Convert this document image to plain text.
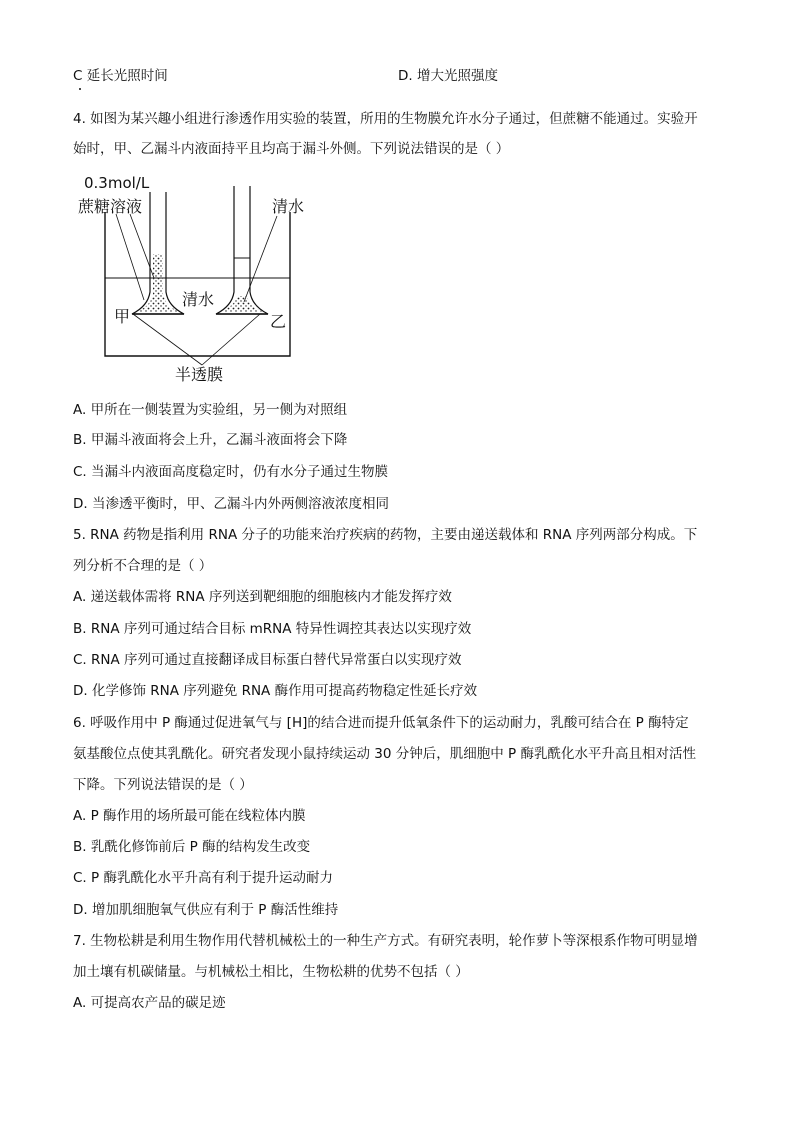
C 延长光照时间	D. 增大光照强度
4. 如图为某兴趣小组进行渗透作用实验的装置，所用的生物膜允许水分子通过，但蔗糖不能通过。实验开
始时，甲、乙漏斗内液面持平且均高于漏斗外侧。下列说法错误的是（ ）
0.3mol/L
蔗糖溶液	清水
清水
甲	乙
半透膜
A. 甲所在一侧装置为实验组，另一侧为对照组
B. 甲漏斗液面将会上升，乙漏斗液面将会下降
C. 当漏斗内液面高度稳定时，仍有水分子通过生物膜
D. 当渗透平衡时，甲、乙漏斗内外两侧溶液浓度相同
5. RNA 药物是指利用 RNA 分子的功能来治疗疾病的药物，主要由递送载体和 RNA 序列两部分构成。下
列分析不合理的是（ ）
A. 递送载体需将 RNA 序列送到靶细胞的细胞核内才能发挥疗效
B. RNA 序列可通过结合目标 mRNA 特异性调控其表达以实现疗效
C. RNA 序列可通过直接翻译成目标蛋白替代异常蛋白以实现疗效
D. 化学修饰 RNA 序列避免 RNA 酶作用可提高药物稳定性延长疗效
6. 呼吸作用中 P 酶通过促进氧气与 [H]的结合进而提升低氧条件下的运动耐力，乳酸可结合在 P 酶特定
氨基酸位点使其乳酰化。研究者发现小鼠持续运动 30 分钟后，肌细胞中 P 酶乳酰化水平升高且相对活性
下降。下列说法错误的是（ ）
A. P 酶作用的场所最可能在线粒体内膜
B. 乳酰化修饰前后 P 酶的结构发生改变
C. P 酶乳酰化水平升高有利于提升运动耐力
D. 增加肌细胞氧气供应有利于 P 酶活性维持
7. 生物松耕是利用生物作用代替机械松土的一种生产方式。有研究表明，轮作萝卜等深根系作物可明显增
加土壤有机碳储量。与机械松土相比，生物松耕的优势不包括（ ）
A. 可提高农产品的碳足迹
